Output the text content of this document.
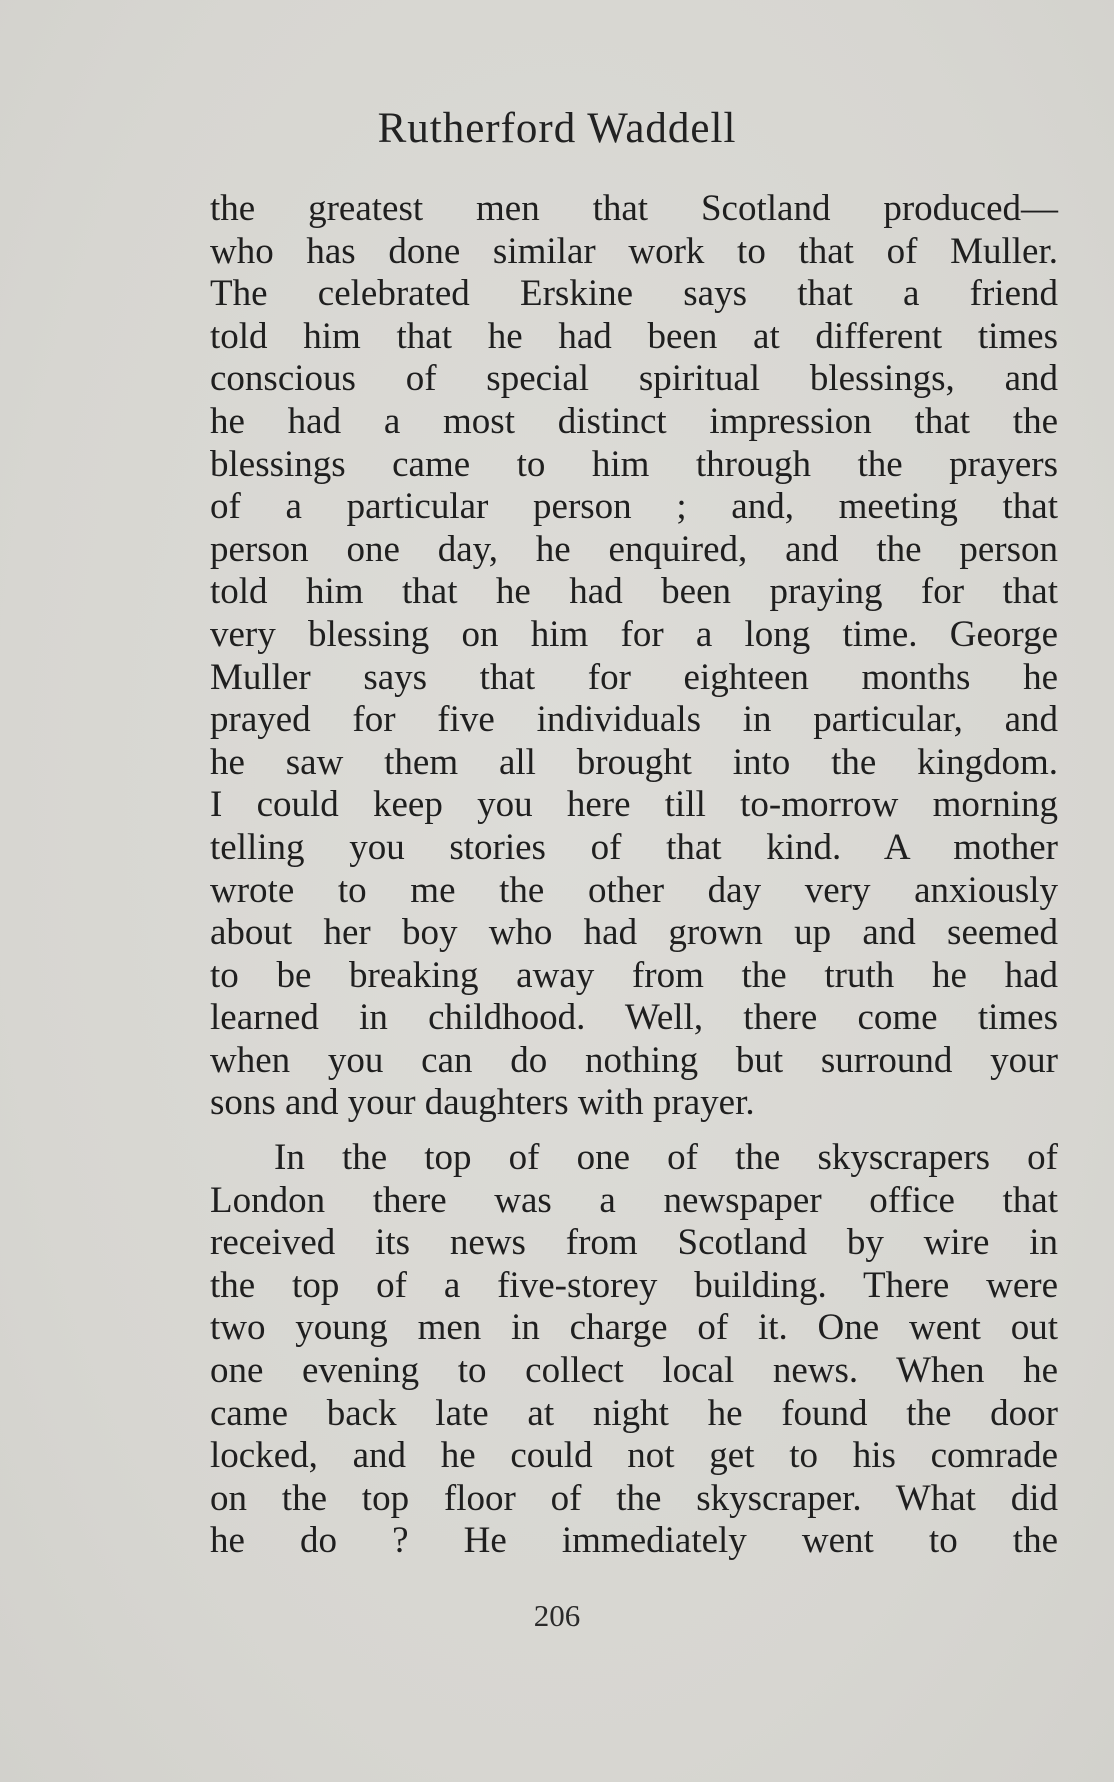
Rutherford Waddell
the greatest men that Scotland produced—
who has done similar work to that of Muller.
The celebrated Erskine says that a friend
told him that he had been at different times
conscious of special spiritual blessings, and
he had a most distinct impression that the
blessings came to him through the prayers
of a particular person ; and, meeting that
person one day, he enquired, and the person
told him that he had been praying for that
very blessing on him for a long time. George
Muller says that for eighteen months he
prayed for five individuals in particular, and
he saw them all brought into the kingdom.
I could keep you here till to-morrow morning
telling you stories of that kind. A mother
wrote to me the other day very anxiously
about her boy who had grown up and seemed
to be breaking away from the truth he had
learned in childhood. Well, there come times
when you can do nothing but surround your
sons and your daughters with prayer.
In the top of one of the skyscrapers of
London there was a newspaper office that
received its news from Scotland by wire in
the top of a five-storey building. There were
two young men in charge of it. One went out
one evening to collect local news. When he
came back late at night he found the door
locked, and he could not get to his comrade
on the top floor of the skyscraper. What did
he do ? He immediately went to the
206
